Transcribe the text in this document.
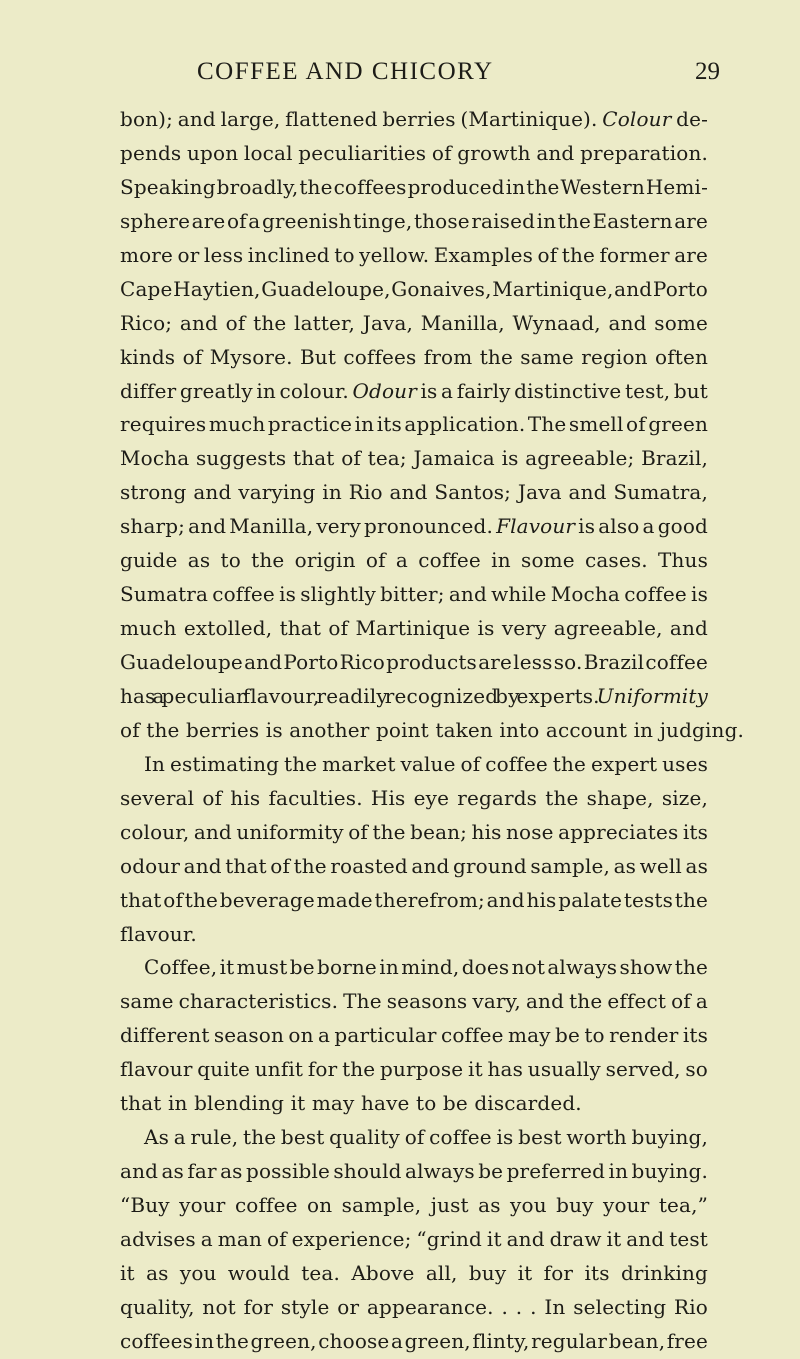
COFFEE AND CHICORY	29
bon); and large, flattened berries (Martinique). Colour de-
pends upon local peculiarities of growth and preparation.
Speaking broadly, the coffees produced in the Western Hemi-
sphere are of a greenish tinge, those raised in the Eastern are
more or less inclined to yellow. Examples of the former are
Cape Haytien, Guadeloupe, Gonaives, Martinique, and Porto
Rico; and of the latter, Java, Manilla, Wynaad, and some
kinds of Mysore. But coffees from the same region often
differ greatly in colour. Odour is a fairly distinctive test, but
requires much practice in its application. The smell of green
Mocha suggests that of tea; Jamaica is agreeable; Brazil,
strong and varying in Rio and Santos; Java and Sumatra,
sharp; and Manilla, very pronounced. Flavour is also a good
guide as to the origin of a coffee in some cases. Thus
Sumatra coffee is slightly bitter; and while Mocha coffee is
much extolled, that of Martinique is very agreeable, and
Guadeloupe and Porto Rico products are less so. Brazil coffee
has a peculiar flavour, readily recognized by experts. Uniformity
of the berries is another point taken into account in judging.
In estimating the market value of coffee the expert uses
several of his faculties. His eye regards the shape, size,
colour, and uniformity of the bean; his nose appreciates its
odour and that of the roasted and ground sample, as well as
that of the beverage made therefrom; and his palate tests the
flavour.
Coffee, it must be borne in mind, does not always show the
same characteristics. The seasons vary, and the effect of a
different season on a particular coffee may be to render its
flavour quite unfit for the purpose it has usually served, so
that in blending it may have to be discarded.
As a rule, the best quality of coffee is best worth buying,
and as far as possible should always be preferred in buying.
“Buy your coffee on sample, just as you buy your tea,”
advises a man of experience; “grind it and draw it and test
it as you would tea. Above all, buy it for its drinking
quality, not for style or appearance. . . . In selecting Rio
coffees in the green, choose a green, flinty, regular bean, free
